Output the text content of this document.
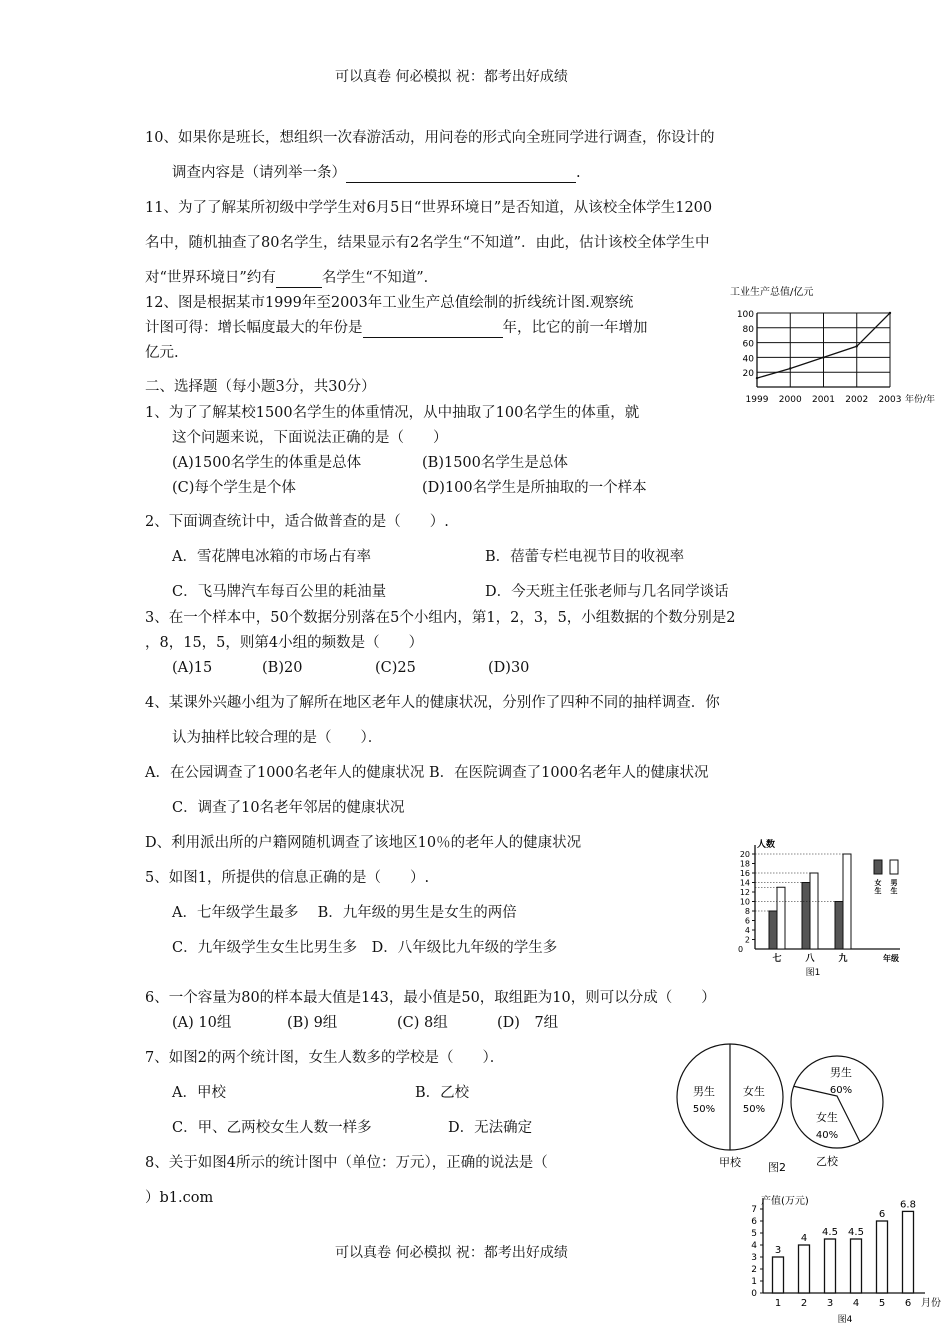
可以真卷 何必模拟 祝：都考出好成绩
10、如果你是班长，想组织一次春游活动，用问卷的形式向全班同学进行调查，你设计的
调查内容是（请列举一条）	.
11、为了了解某所初级中学学生对6月5日“世界环境日”是否知道，从该校全体学生1200
名中，随机抽查了80名学生，结果显示有2名学生“不知道”．由此，估计该校全体学生中
对“世界环境日”约有	名学生“不知道”．
12、图是根据某市1999年至2003年工业生产总值绘制的折线统计图.观察统
计图可得：增长幅度最大的年份是	年，比它的前一年增加
亿元.
工业生产总值/亿元
20
40
60
80
100
1999 2000 2001 2002 2003 年份/年
二、选择题（每小题3分，共30分）
1、为了了解某校1500名学生的体重情况，从中抽取了100名学生的体重，就
这个问题来说，下面说法正确的是（　　）
(A)1500名学生的体重是总体	(B)1500名学生是总体
(C)每个学生是个体	(D)100名学生是所抽取的一个样本
2、下面调查统计中，适合做普查的是（　　）.
A．雪花牌电冰箱的市场占有率	B．蓓蕾专栏电视节目的收视率
C．飞马牌汽车每百公里的耗油量	D．今天班主任张老师与几名同学谈话
3、在一个样本中，50个数据分别落在5个小组内，第1，2，3，5，小组数据的个数分别是2
，8，15，5，则第4小组的频数是（　　）
(A)15	(B)20	(C)25	(D)30
4、某课外兴趣小组为了解所在地区老年人的健康状况，分别作了四种不同的抽样调查．你
认为抽样比较合理的是（　　）．
A．在公园调查了1000名老年人的健康状况 B．在医院调查了1000名老年人的健康状况
C．调查了10名老年邻居的健康状况
D、利用派出所的户籍网随机调查了该地区10％的老年人的健康状况
5、如图1，所提供的信息正确的是（　　）.
A．七年级学生最多　 B．九年级的男生是女生的两倍
C．九年级学生女生比男生多　D．八年级比九年级的学生多
人数
0
2
4
6
8
10
12
14
16
18
20
七	八	九	年级
女
生
男
生
图1
6、一个容量为80的样本最大值是143，最小值是50，取组距为10，则可以分成（　　）
(A) 10组	(B) 9组	(C) 8组	(D)　7组
7、如图2的两个统计图，女生人数多的学校是（　　）．
A．甲校	B．乙校
C．甲、乙两校女生人数一样多	D．无法确定
男生
50%
女生
50%
甲校
男生
60%
女生
40%
乙校
图2
8、关于如图4所示的统计图中（单位：万元），正确的说法是（
）b1.com	产值(万元)
0
1
2
3
4
5
6
7
3
1
4
2
4.5
3
4.5
4
6
5
6.8
6 月份
图4
可以真卷 何必模拟 祝：都考出好成绩
